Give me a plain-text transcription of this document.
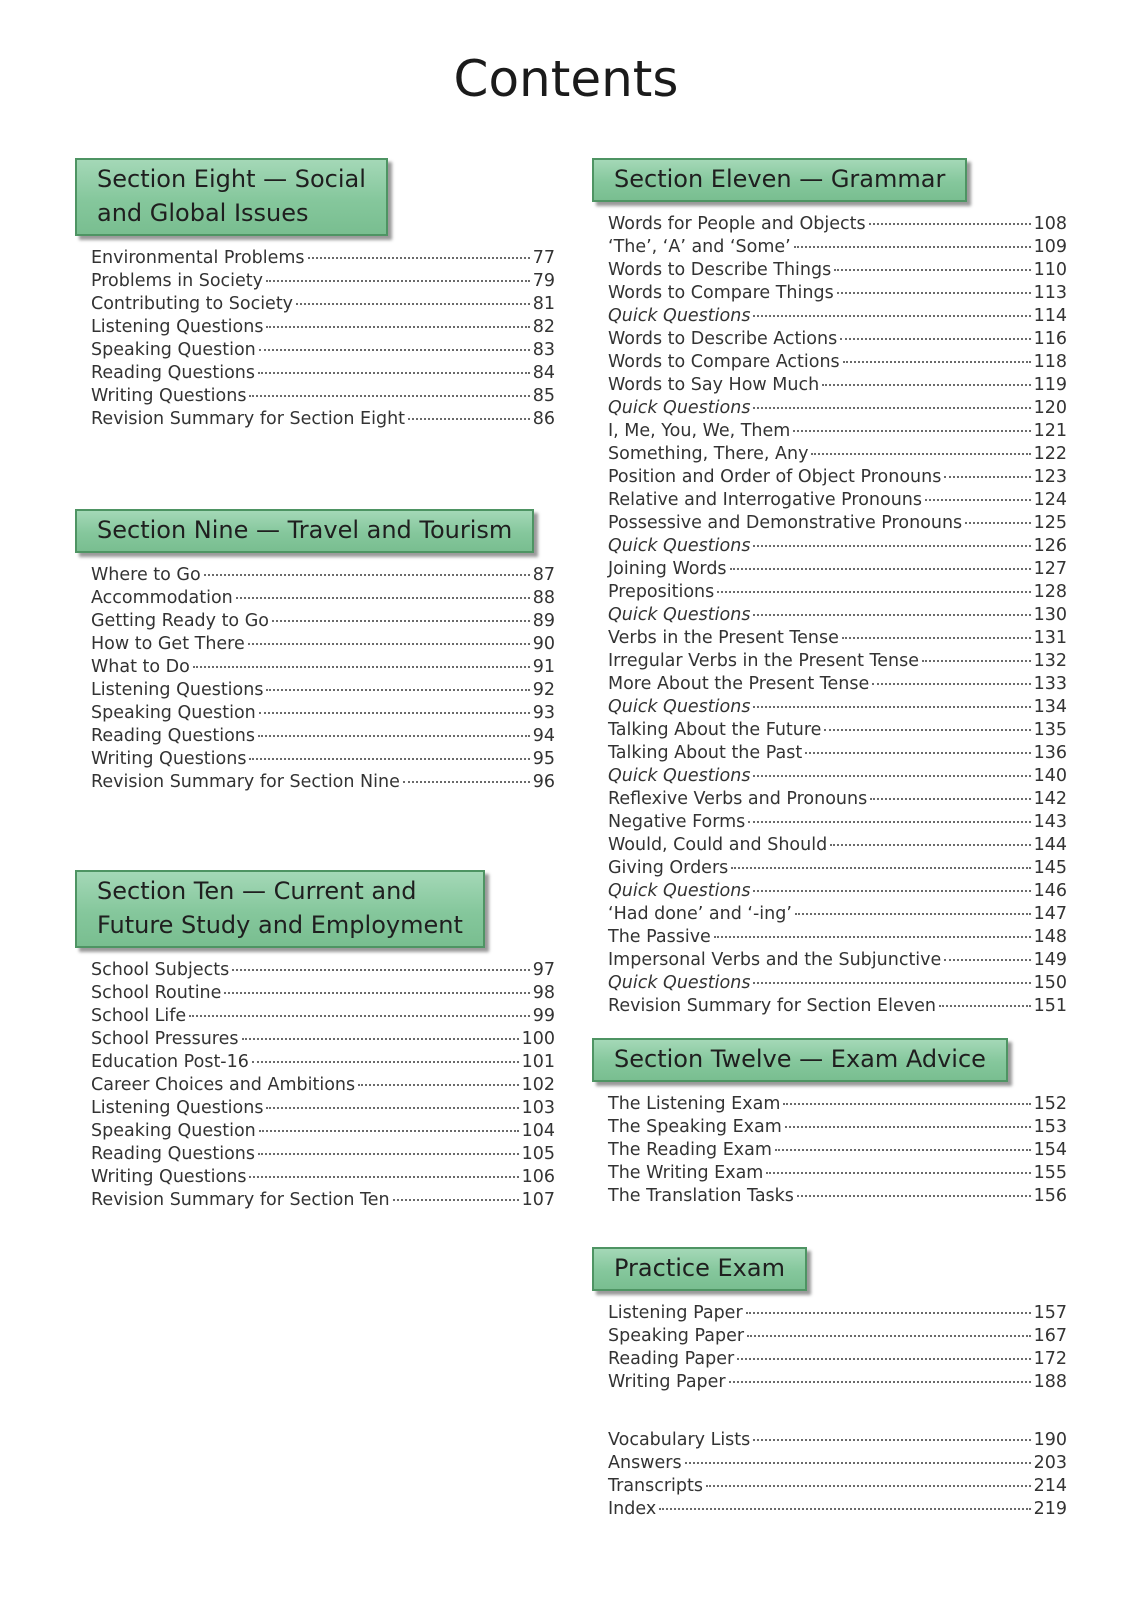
Contents
Section Eight — Social
and Global Issues
Environmental Problems	77
Problems in Society	79
Contributing to Society	81
Listening Questions	82
Speaking Question	83
Reading Questions	84
Writing Questions	85
Revision Summary for Section Eight	86
Section Nine — Travel and Tourism
Where to Go	87
Accommodation	88
Getting Ready to Go	89
How to Get There	90
What to Do	91
Listening Questions	92
Speaking Question	93
Reading Questions	94
Writing Questions	95
Revision Summary for Section Nine	96
Section Ten — Current and
Future Study and Employment
School Subjects	97
School Routine	98
School Life	99
School Pressures	100
Education Post-16	101
Career Choices and Ambitions	102
Listening Questions	103
Speaking Question	104
Reading Questions	105
Writing Questions	106
Revision Summary for Section Ten	107
Section Eleven — Grammar
Words for People and Objects	108
‘The’, ‘A’ and ‘Some’	109
Words to Describe Things	110
Words to Compare Things	113
Quick Questions	114
Words to Describe Actions	116
Words to Compare Actions	118
Words to Say How Much	119
Quick Questions	120
I, Me, You, We, Them	121
Something, There, Any	122
Position and Order of Object Pronouns	123
Relative and Interrogative Pronouns	124
Possessive and Demonstrative Pronouns	125
Quick Questions	126
Joining Words	127
Prepositions	128
Quick Questions	130
Verbs in the Present Tense	131
Irregular Verbs in the Present Tense	132
More About the Present Tense	133
Quick Questions	134
Talking About the Future	135
Talking About the Past	136
Quick Questions	140
Reflexive Verbs and Pronouns	142
Negative Forms	143
Would, Could and Should	144
Giving Orders	145
Quick Questions	146
‘Had done’ and ‘-ing’	147
The Passive	148
Impersonal Verbs and the Subjunctive	149
Quick Questions	150
Revision Summary for Section Eleven	151
Section Twelve — Exam Advice
The Listening Exam	152
The Speaking Exam	153
The Reading Exam	154
The Writing Exam	155
The Translation Tasks	156
Practice Exam
Listening Paper	157
Speaking Paper	167
Reading Paper	172
Writing Paper	188
Vocabulary Lists	190
Answers	203
Transcripts	214
Index	219
